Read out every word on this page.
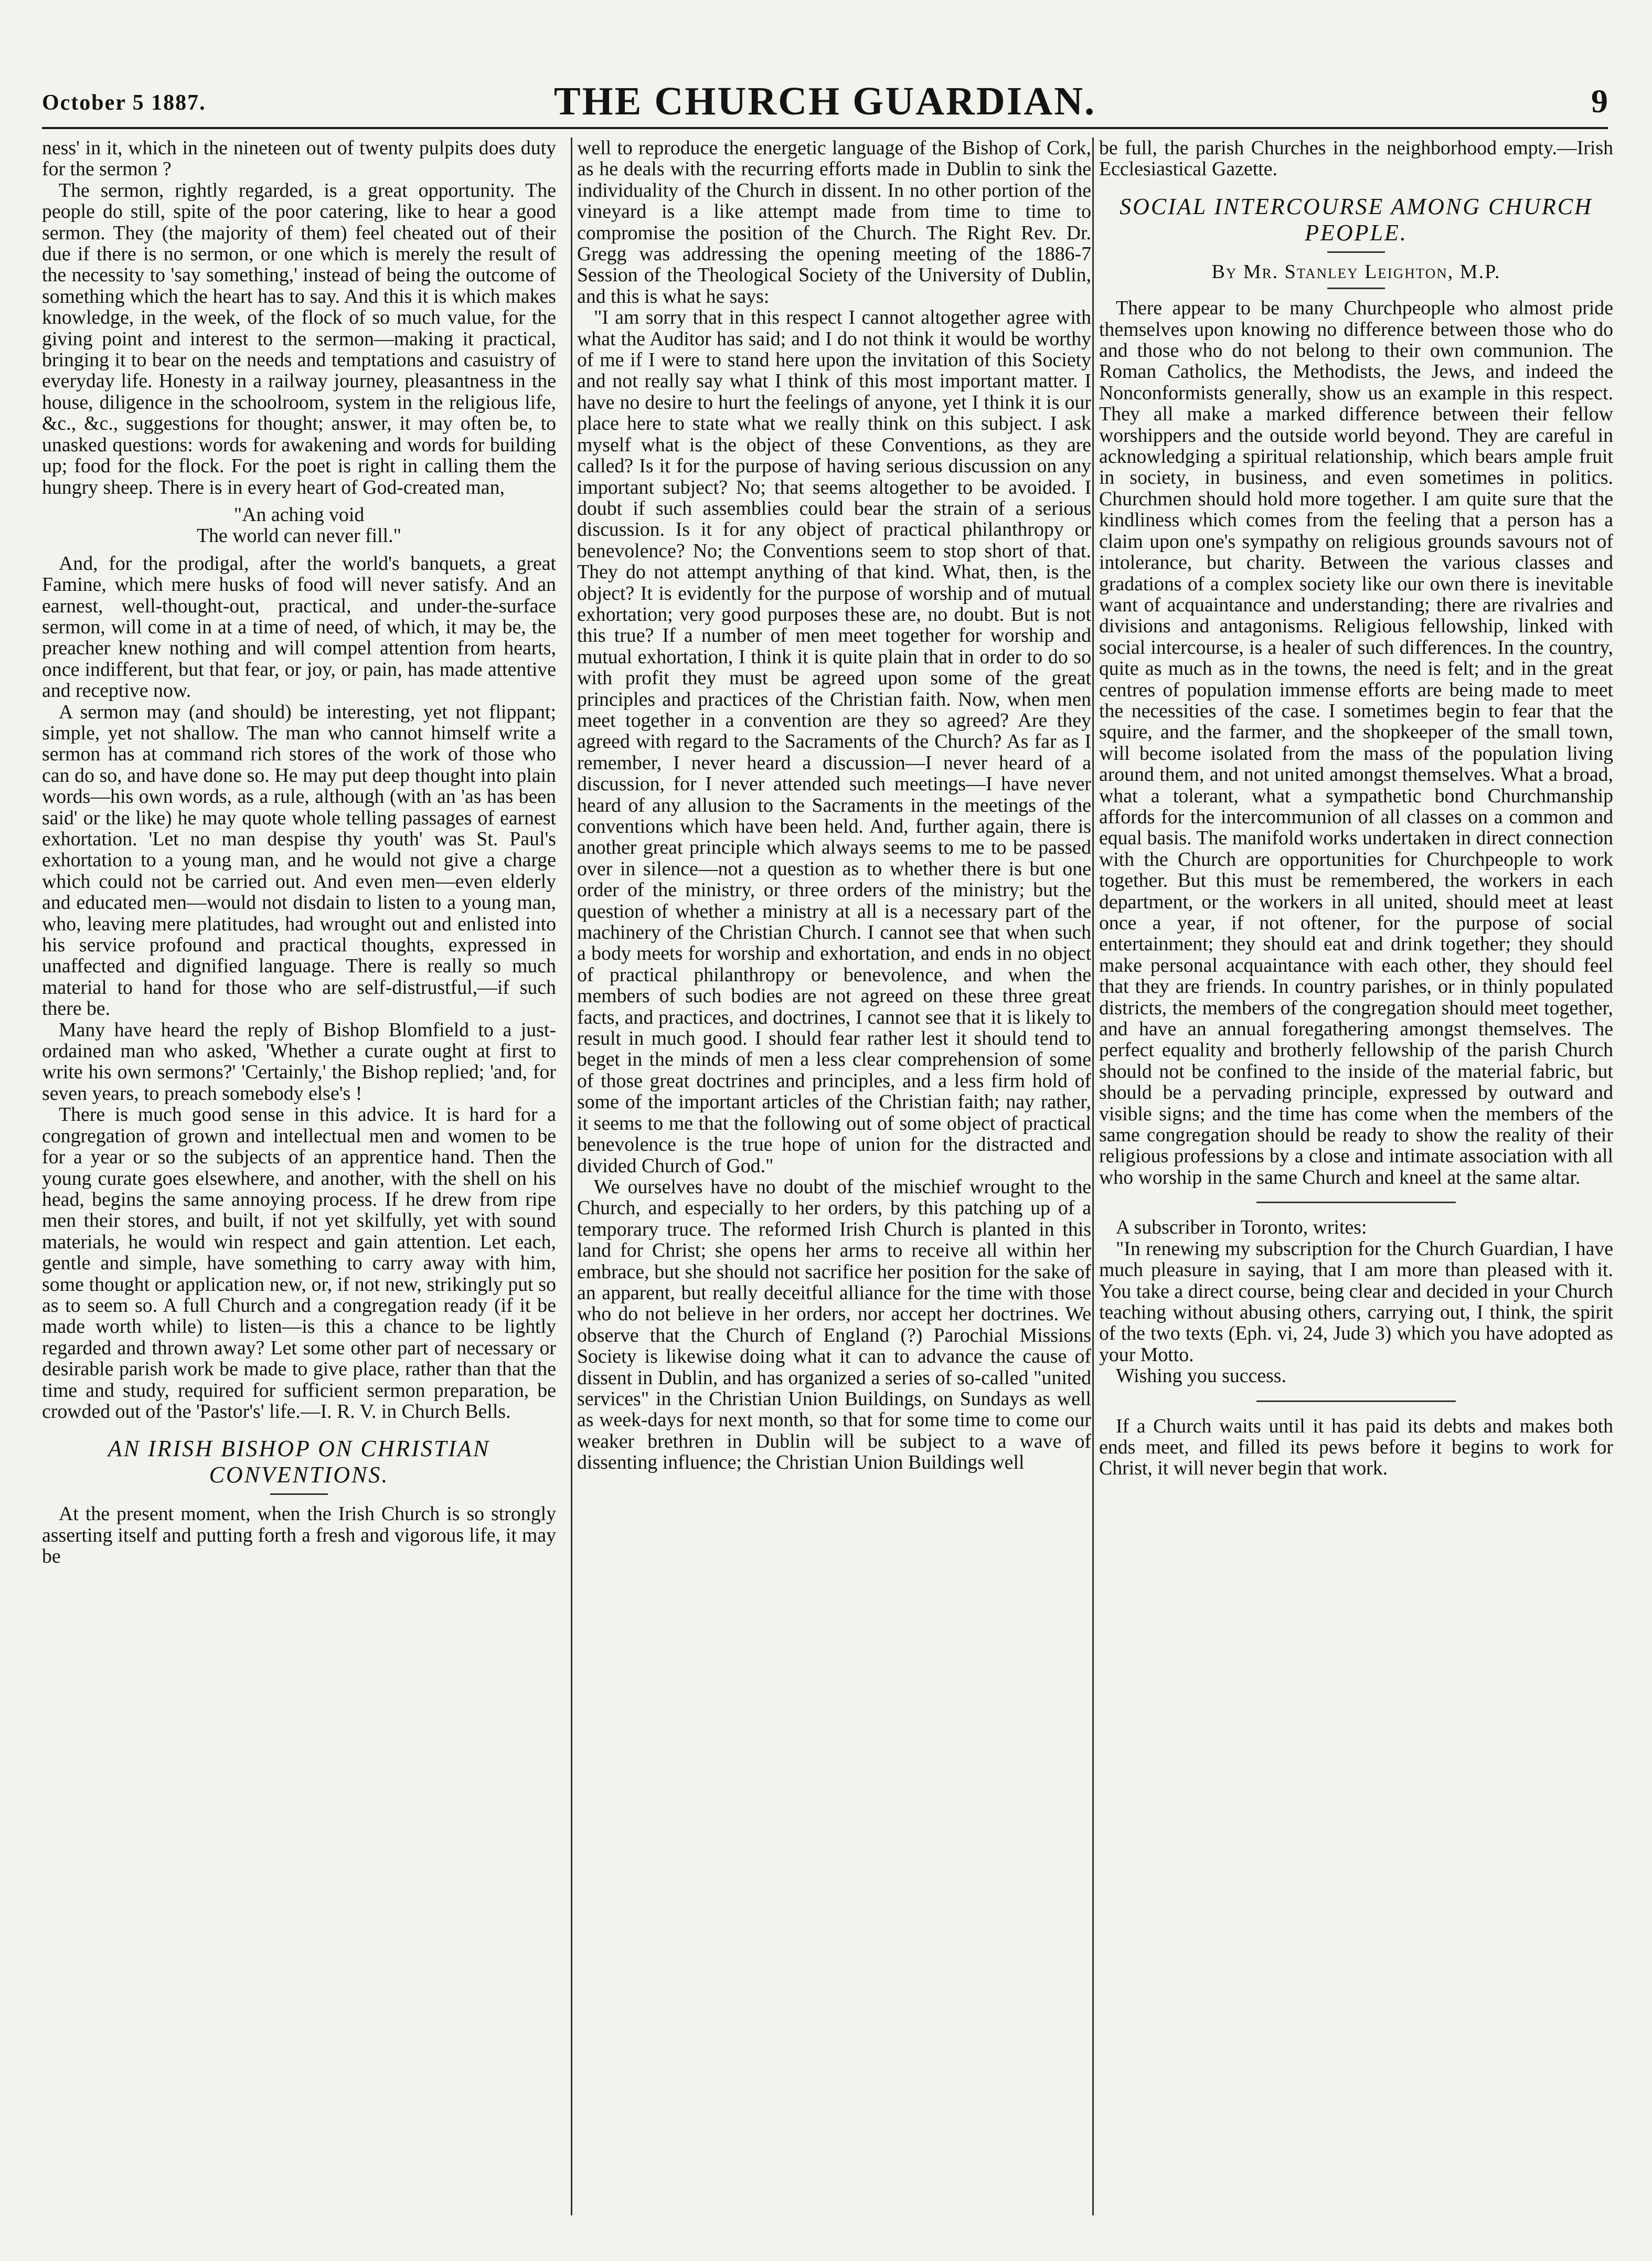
October 5 1887.	THE CHURCH GUARDIAN.	9

ness' in it, which in the nineteen out of twenty pulpits does duty for the sermon ?

The sermon, rightly regarded, is a great opportunity. The people do still, spite of the poor catering, like to hear a good sermon. They (the majority of them) feel cheated out of their due if there is no sermon, or one which is merely the result of the necessity to 'say something,' instead of being the outcome of something which the heart has to say. And this it is which makes knowledge, in the week, of the flock of so much value, for the giving point and interest to the sermon—making it practical, bringing it to bear on the needs and temptations and casuistry of everyday life. Honesty in a railway journey, pleasantness in the house, diligence in the schoolroom, system in the religious life, &c., &c., suggestions for thought; answer, it may often be, to unasked questions: words for awakening and words for building up; food for the flock. For the poet is right in calling them the hungry sheep. There is in every heart of God-created man,

"An aching void
The world can never fill."

And, for the prodigal, after the world's banquets, a great Famine, which mere husks of food will never satisfy. And an earnest, well-thought-out, practical, and under-the-surface sermon, will come in at a time of need, of which, it may be, the preacher knew nothing and will compel attention from hearts, once indifferent, but that fear, or joy, or pain, has made attentive and receptive now.

A sermon may (and should) be interesting, yet not flippant; simple, yet not shallow. The man who cannot himself write a sermon has at command rich stores of the work of those who can do so, and have done so. He may put deep thought into plain words—his own words, as a rule, although (with an 'as has been said' or the like) he may quote whole telling passages of earnest exhortation. 'Let no man despise thy youth' was St. Paul's exhortation to a young man, and he would not give a charge which could not be carried out. And even men—even elderly and educated men—would not disdain to listen to a young man, who, leaving mere platitudes, had wrought out and enlisted into his service profound and practical thoughts, expressed in unaffected and dignified language. There is really so much material to hand for those who are self-distrustful,—if such there be.

Many have heard the reply of Bishop Blomfield to a just-ordained man who asked, 'Whether a curate ought at first to write his own sermons?' 'Certainly,' the Bishop replied; 'and, for seven years, to preach somebody else's !

There is much good sense in this advice. It is hard for a congregation of grown and intellectual men and women to be for a year or so the subjects of an apprentice hand. Then the young curate goes elsewhere, and another, with the shell on his head, begins the same annoying process. If he drew from ripe men their stores, and built, if not yet skilfully, yet with sound materials, he would win respect and gain attention. Let each, gentle and simple, have something to carry away with him, some thought or application new, or, if not new, strikingly put so as to seem so. A full Church and a congregation ready (if it be made worth while) to listen—is this a chance to be lightly regarded and thrown away? Let some other part of necessary or desirable parish work be made to give place, rather than that the time and study, required for sufficient sermon preparation, be crowded out of the 'Pastor's' life.—I. R. V. in Church Bells.

AN IRISH BISHOP ON CHRISTIAN CONVENTIONS.

At the present moment, when the Irish Church is so strongly asserting itself and putting forth a fresh and vigorous life, it may be

well to reproduce the energetic language of the Bishop of Cork, as he deals with the recurring efforts made in Dublin to sink the individuality of the Church in dissent. In no other portion of the vineyard is a like attempt made from time to time to compromise the position of the Church. The Right Rev. Dr. Gregg was addressing the opening meeting of the 1886-7 Session of the Theological Society of the University of Dublin, and this is what he says:

"I am sorry that in this respect I cannot altogether agree with what the Auditor has said; and I do not think it would be worthy of me if I were to stand here upon the invitation of this Society and not really say what I think of this most important matter. I have no desire to hurt the feelings of anyone, yet I think it is our place here to state what we really think on this subject. I ask myself what is the object of these Conventions, as they are called? Is it for the purpose of having serious discussion on any important subject? No; that seems altogether to be avoided. I doubt if such assemblies could bear the strain of a serious discussion. Is it for any object of practical philanthropy or benevolence? No; the Conventions seem to stop short of that. They do not attempt anything of that kind. What, then, is the object? It is evidently for the purpose of worship and of mutual exhortation; very good purposes these are, no doubt. But is not this true? If a number of men meet together for worship and mutual exhortation, I think it is quite plain that in order to do so with profit they must be agreed upon some of the great principles and practices of the Christian faith. Now, when men meet together in a convention are they so agreed? Are they agreed with regard to the Sacraments of the Church? As far as I remember, I never heard a discussion—I never heard of a discussion, for I never attended such meetings—I have never heard of any allusion to the Sacraments in the meetings of the conventions which have been held. And, further again, there is another great principle which always seems to me to be passed over in silence—not a question as to whether there is but one order of the ministry, or three orders of the ministry; but the question of whether a ministry at all is a necessary part of the machinery of the Christian Church. I cannot see that when such a body meets for worship and exhortation, and ends in no object of practical philanthropy or benevolence, and when the members of such bodies are not agreed on these three great facts, and practices, and doctrines, I cannot see that it is likely to result in much good. I should fear rather lest it should tend to beget in the minds of men a less clear comprehension of some of those great doctrines and principles, and a less firm hold of some of the important articles of the Christian faith; nay rather, it seems to me that the following out of some object of practical benevolence is the true hope of union for the distracted and divided Church of God."

We ourselves have no doubt of the mischief wrought to the Church, and especially to her orders, by this patching up of a temporary truce. The reformed Irish Church is planted in this land for Christ; she opens her arms to receive all within her embrace, but she should not sacrifice her position for the sake of an apparent, but really deceitful alliance for the time with those who do not believe in her orders, nor accept her doctrines. We observe that the Church of England (?) Parochial Missions Society is likewise doing what it can to advance the cause of dissent in Dublin, and has organized a series of so-called "united services" in the Christian Union Buildings, on Sundays as well as week-days for next month, so that for some time to come our weaker brethren in Dublin will be subject to a wave of dissenting influence; the Christian Union Buildings well

be full, the parish Churches in the neighborhood empty.—Irish Ecclesiastical Gazette.

SOCIAL INTERCOURSE AMONG CHURCH PEOPLE.
By Mr. Stanley Leighton, M.P.

There appear to be many Churchpeople who almost pride themselves upon knowing no difference between those who do and those who do not belong to their own communion. The Roman Catholics, the Methodists, the Jews, and indeed the Nonconformists generally, show us an example in this respect. They all make a marked difference between their fellow worshippers and the outside world beyond. They are careful in acknowledging a spiritual relationship, which bears ample fruit in society, in business, and even sometimes in politics. Churchmen should hold more together. I am quite sure that the kindliness which comes from the feeling that a person has a claim upon one's sympathy on religious grounds savours not of intolerance, but charity. Between the various classes and gradations of a complex society like our own there is inevitable want of acquaintance and understanding; there are rivalries and divisions and antagonisms. Religious fellowship, linked with social intercourse, is a healer of such differences. In the country, quite as much as in the towns, the need is felt; and in the great centres of population immense efforts are being made to meet the necessities of the case. I sometimes begin to fear that the squire, and the farmer, and the shopkeeper of the small town, will become isolated from the mass of the population living around them, and not united amongst themselves. What a broad, what a tolerant, what a sympathetic bond Churchmanship affords for the intercommunion of all classes on a common and equal basis. The manifold works undertaken in direct connection with the Church are opportunities for Churchpeople to work together. But this must be remembered, the workers in each department, or the workers in all united, should meet at least once a year, if not oftener, for the purpose of social entertainment; they should eat and drink together; they should make personal acquaintance with each other, they should feel that they are friends. In country parishes, or in thinly populated districts, the members of the congregation should meet together, and have an annual foregathering amongst themselves. The perfect equality and brotherly fellowship of the parish Church should not be confined to the inside of the material fabric, but should be a pervading principle, expressed by outward and visible signs; and the time has come when the members of the same congregation should be ready to show the reality of their religious professions by a close and intimate association with all who worship in the same Church and kneel at the same altar.

A subscriber in Toronto, writes:

"In renewing my subscription for the Church Guardian, I have much pleasure in saying, that I am more than pleased with it. You take a direct course, being clear and decided in your Church teaching without abusing others, carrying out, I think, the spirit of the two texts (Eph. vi, 24, Jude 3) which you have adopted as your Motto.

Wishing you success.

If a Church waits until it has paid its debts and makes both ends meet, and filled its pews before it begins to work for Christ, it will never begin that work.
